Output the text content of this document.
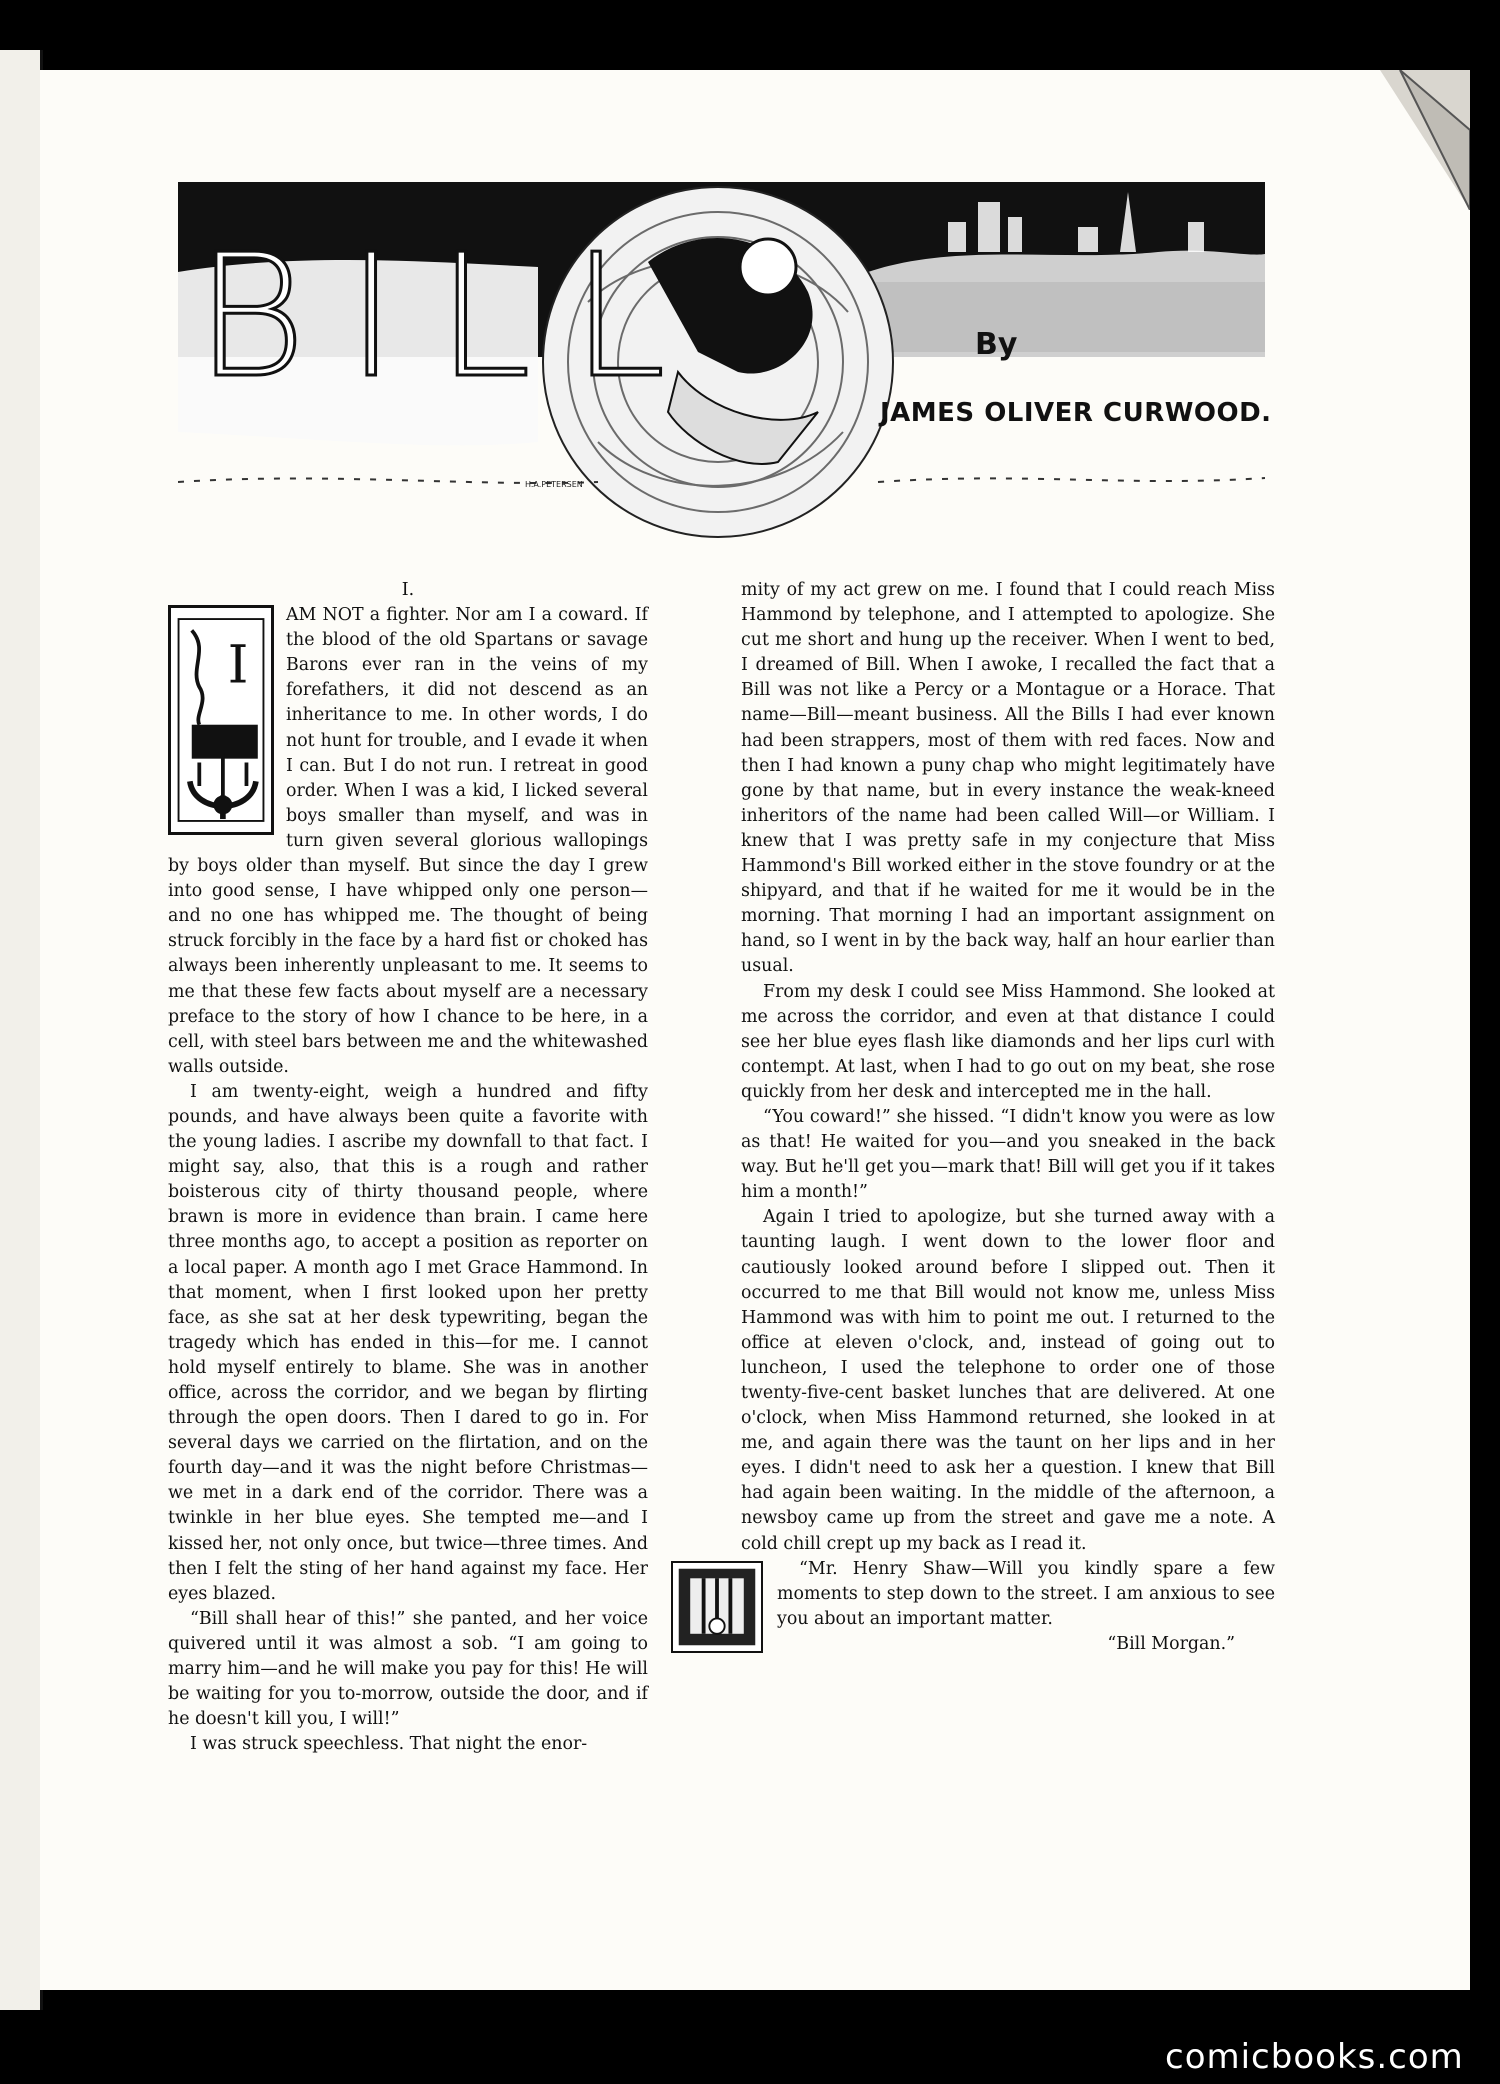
BILL	By
JAMES OLIVER CURWOOD.
H.A.PETERSEN

I.

I

AM NOT a fighter. Nor am I a coward. If the blood of the old Spartans or savage Barons ever ran in the veins of my forefathers, it did not descend as an inheritance to me. In other words, I do not hunt for trouble, and I evade it when I can. But I do not run. I retreat in good order. When I was a kid, I licked several boys smaller than myself, and was in turn given several glorious wallopings by boys older than myself. But since the day I grew into good sense, I have whipped only one person—and no one has whipped me. The thought of being struck forcibly in the face by a hard fist or choked has always been inherently unpleasant to me. It seems to me that these few facts about myself are a necessary preface to the story of how I chance to be here, in a cell, with steel bars between me and the whitewashed walls outside.

I am twenty-eight, weigh a hundred and fifty pounds, and have always been quite a favorite with the young ladies. I ascribe my downfall to that fact. I might say, also, that this is a rough and rather boisterous city of thirty thousand people, where brawn is more in evidence than brain. I came here three months ago, to accept a position as reporter on a local paper. A month ago I met Grace Hammond. In that moment, when I first looked upon her pretty face, as she sat at her desk typewriting, began the tragedy which has ended in this—for me. I cannot hold myself entirely to blame. She was in another office, across the corridor, and we began by flirting through the open doors. Then I dared to go in. For several days we carried on the flirtation, and on the fourth day—and it was the night before Christmas—we met in a dark end of the corridor. There was a twinkle in her blue eyes. She tempted me—and I kissed her, not only once, but twice—three times. And then I felt the sting of her hand against my face. Her eyes blazed.

“Bill shall hear of this!” she panted, and her voice quivered until it was almost a sob. “I am going to marry him—and he will make you pay for this! He will be waiting for you to-morrow, outside the door, and if he doesn't kill you, I will!”

I was struck speechless. That night the enor-

mity of my act grew on me. I found that I could reach Miss Hammond by telephone, and I attempted to apologize. She cut me short and hung up the receiver. When I went to bed, I dreamed of Bill. When I awoke, I recalled the fact that a Bill was not like a Percy or a Montague or a Horace. That name—Bill—meant business. All the Bills I had ever known had been strappers, most of them with red faces. Now and then I had known a puny chap who might legitimately have gone by that name, but in every instance the weak-kneed inheritors of the name had been called Will—or William. I knew that I was pretty safe in my conjecture that Miss Hammond's Bill worked either in the stove foundry or at the shipyard, and that if he waited for me it would be in the morning. That morning I had an important assignment on hand, so I went in by the back way, half an hour earlier than usual.

From my desk I could see Miss Hammond. She looked at me across the corridor, and even at that distance I could see her blue eyes flash like diamonds and her lips curl with contempt. At last, when I had to go out on my beat, she rose quickly from her desk and intercepted me in the hall.

“You coward!” she hissed. “I didn't know you were as low as that! He waited for you—and you sneaked in the back way. But he'll get you—mark that! Bill will get you if it takes him a month!”

Again I tried to apologize, but she turned away with a taunting laugh. I went down to the lower floor and cautiously looked around before I slipped out. Then it occurred to me that Bill would not know me, unless Miss Hammond was with him to point me out. I returned to the office at eleven o'clock, and, instead of going out to luncheon, I used the telephone to order one of those twenty-five-cent basket lunches that are delivered. At one o'clock, when Miss Hammond returned, she looked in at me, and again there was the taunt on her lips and in her eyes. I didn't need to ask her a question. I knew that Bill had again been waiting. In the middle of the afternoon, a newsboy came up from the street and gave me a note. A cold chill crept up my back as I read it.

“Mr. Henry Shaw—Will you kindly spare a few moments to step down to the street. I am anxious to see you about an important matter.

“Bill Morgan.”

comicbooks.com
